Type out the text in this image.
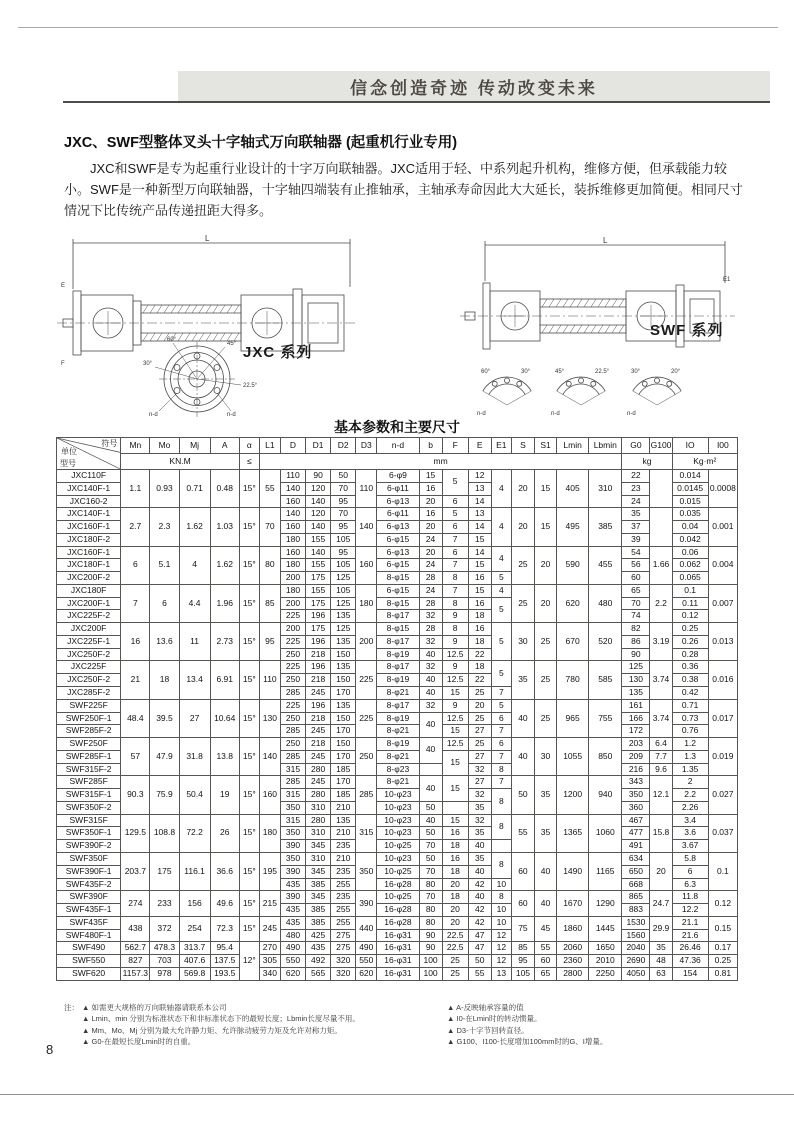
信念创造奇迹 传动改变未来
JXC、SWF型整体叉头十字轴式万向联轴器 (起重机行业专用)
JXC和SWF是专为起重行业设计的十字万向联轴器。JXC适用于轻、中系列起升机构，维修方便，但承载能力较小。SWF是一种新型万向联轴器，十字轴四端装有止推轴承，主轴承寿命因此大大延长，装拆维修更加简便。相同尺寸情况下比传统产品传递扭距大得多。
L
E
F
60°
45°
30°
22.5°
n-d	n-d
JXC 系列
L
E1
60°	30°
n-d
45°	22.5°
n-d
30°	20°
n-d
SWF 系列
基本参数和主要尺寸
符号
单位
型号	Mn	Mo	Mj	A	α	L1	D	D1	D2	D3	n-d	b	F	E	E1	S	S1	Lmin	Lbmin	G0	G100	IO	I00
	KN.M				≤	mm														kg		Kg·m²	
JXC110F	1.1	0.93	0.71	0.48	15°	55	110	90	50	110	6-φ9	15	5	12	4	20	15	405	310	22		0.014	0.0008
JXC140F-1							140	120	70		6-φ11	16		13						23		0.0145	
JXC160-2							160	140	95		6-φ13	20	6	14						24		0.015	
JXC140F-1	2.7	2.3	1.62	1.03	15°	70	140	120	70	140	6-φ11	16	5	13	4	20	15	495	385	35		0.035	0.001
JXC160F-1							160	140	95		6-φ13	20	6	14						37		0.04	
JXC180F-2							180	155	105		6-φ15	24	7	15						39		0.042	
JXC160F-1	6	5.1	4	1.62	15°	80	160	140	95	160	6-φ13	20	6	14	4	25	20	590	455	54	1.66	0.06	0.004
JXC180F-1							180	155	105		6-φ15	24	7	15						56		0.062	
JXC200F-2							200	175	125		8-φ15	28	8	16	5					60		0.065	
JXC180F	7	6	4.4	1.96	15°	85	180	155	105	180	6-φ15	24	7	15	4	25	20	620	480	65	2.2	0.1	0.007
JXC200F-1							200	175	125		8-φ15	28	8	16	5					70		0.11	
JXC225F-2							225	196	135		8-φ17	32	9	18						74		0.12	
JXC200F	16	13.6	11	2.73	15°	95	200	175	125	200	8-φ15	28	8	16	5	30	25	670	520	82	3.19	0.25	0.013
JXC225F-1							225	196	135		8-φ17	32	9	18						86		0.26	
JXC250F-2							250	218	150		8-φ19	40	12.5	22						90		0.28	
JXC225F	21	18	13.4	6.91	15°	110	225	196	135	225	8-φ17	32	9	18	5	35	25	780	585	125	3.74	0.36	0.016
JXC250F-2							250	218	150		8-φ19	40	12.5	22						130		0.38	
JXC285F-2							285	245	170		8-φ21	40	15	25	7					135		0.42	
SWF225F	48.4	39.5	27	10.64	15°	130	225	196	135	225	8-φ17	32	9	20	5	40	25	965	755	161	3.74	0.71	0.017
SWF250F-1							250	218	150		8-φ19	40	12.5	25	6					166		0.73	
SWF285F-2							285	245	170		8-φ21		15	27	7					172		0.76	
SWF250F	57	47.9	31.8	13.8	15°	140	250	218	150	250	8-φ19	40	12.5	25	6	40	30	1055	850	203	6.4	1.2	0.019
SWF285F-1							285	245	170		8-φ21		15	27	7					209	7.7	1.3	
SWF315F-2							315	280	185		8-φ23			32	8					216	9.6	1.35	
SWF285F	90.3	75.9	50.4	19	15°	160	285	245	170	285	8-φ21	40	15	27	7	50	35	1200	940	343	12.1	2	0.027
SWF315F-1							315	280	185		10-φ23			32	8					350		2.2	
SWF350F-2							350	310	210		10-φ23	50		35						360		2.26	
SWF315F	129.5	108.8	72.2	26	15°	180	315	280	135	315	10-φ23	40	15	32	8	55	35	1365	1060	467	15.8	3.4	0.037
SWF350F-1							350	310	210		10-φ23	50	16	35						477		3.6	
SWF390F-2							390	345	235		10-φ25	70	18	40						491		3.67	
SWF350F	203.7	175	116.1	36.6	15°	195	350	310	210	350	10-φ23	50	16	35	8	60	40	1490	1165	634	20	5.8	0.1
SWF390F-1							390	345	235		10-φ25	70	18	40						650		6	
SWF435F-2							435	385	255		16-φ28	80	20	42	10					668		6.3	
SWF390F	274	233	156	49.6	15°	215	390	345	235	390	10-φ25	70	18	40	8	60	40	1670	1290	865	24.7	11.8	0.12
SWF435F-1							435	385	255		16-φ28	80	20	42	10					883		12.2	
SWF435F	438	372	254	72.3	15°	245	435	385	255	440	16-φ28	80	20	42	10	75	45	1860	1445	1530	29.9	21.1	0.15
SWF480F-1							480	425	275		16-φ31	90	22.5	47	12					1560		21.6	
SWF490	562.7	478.3	313.7	95.4	12°	270	490	435	275	490	16-φ31	90	22.5	47	12	85	55	2060	1650	2040	35	26.46	0.17
SWF550	827	703	407.6	137.5		305	550	492	320	550	16-φ31	100	25	50	12	95	60	2360	2010	2690	48	47.36	0.25
SWF620	1157.3	978	569.8	193.5		340	620	565	320	620	16-φ31	100	25	55	13	105	65	2800	2250	4050	63	154	0.81
注： ▲ 如需更大规格的万向联轴器请联系本公司
▲ Lmin、min 分别为标准状态下和非标准状态下的最短长度；Lbmin长度尽量不用。
▲ Mm、Mo、Mj 分别为最大允许静力矩、允许脉动疲劳力矩及允许对称力矩。
▲ G0-在最短长度Lmin时的自重。
▲ A-反映轴承容量的值
▲ I0-在Lmin时的转动惯量。
▲ D3-十字节回转直径。
▲ G100、I100-长度增加100mm时的G、I增量。
8
